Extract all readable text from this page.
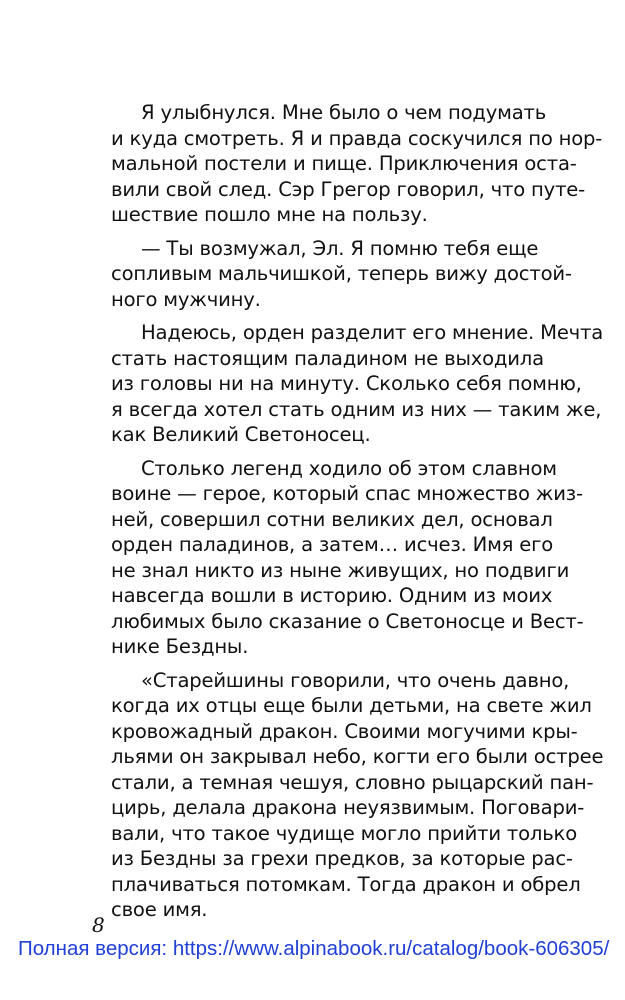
Я улыбнулся. Мне было о чем подумать
и куда смотреть. Я и правда соскучился по нор-
мальной постели и пище. Приключения оста-
вили свой след. Сэр Грегор говорил, что путе-
шествие пошло мне на пользу.
— Ты возмужал, Эл. Я помню тебя еще
сопливым мальчишкой, теперь вижу достой-
ного мужчину.
Надеюсь, орден разделит его мнение. Мечта
стать настоящим паладином не выходила
из головы ни на минуту. Сколько себя помню,
я всегда хотел стать одним из них — таким же,
как Великий Светоносец.
Столько легенд ходило об этом славном
воине — герое, который спас множество жиз-
ней, совершил сотни великих дел, основал
орден паладинов, а затем… исчез. Имя его
не знал никто из ныне живущих, но подвиги
навсегда вошли в историю. Одним из моих
любимых было сказание о Светоносце и Вест-
нике Бездны.
«Старейшины говорили, что очень давно,
когда их отцы еще были детьми, на свете жил
кровожадный дракон. Своими могучими кры-
льями он закрывал небо, когти его были острее
стали, а темная чешуя, словно рыцарский пан-
цирь, делала дракона неуязвимым. Поговари-
вали, что такое чудище могло прийти только
из Бездны за грехи предков, за которые рас-
плачиваться потомкам. Тогда дракон и обрел
свое имя.
8
Полная версия: https://www.alpinabook.ru/catalog/book-606305/
